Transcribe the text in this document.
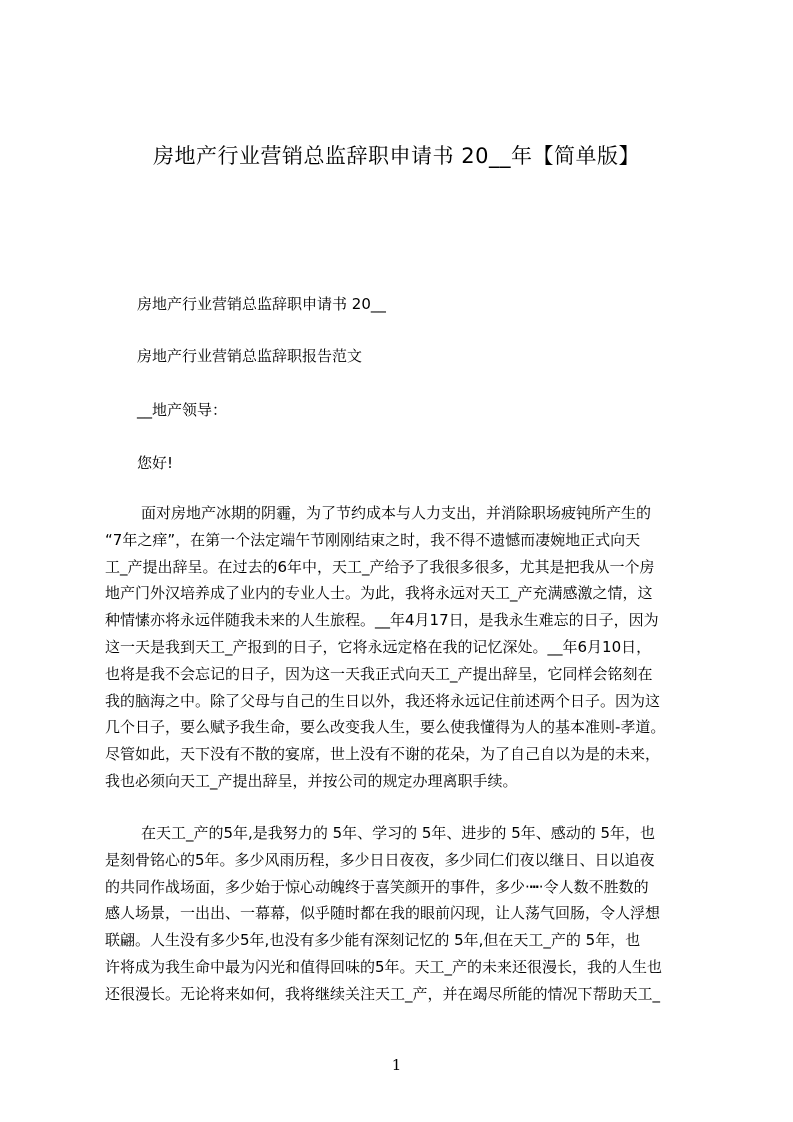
房地产行业营销总监辞职申请书 20__年【简单版】
房地产行业营销总监辞职申请书 20__
房地产行业营销总监辞职报告范文
__地产领导：
您好!

面对房地产冰期的阴霾，为了节约成本与人力支出，并消除职场疲钝所产生的

“7年之痒”，在第一个法定端午节刚刚结束之时，我不得不遗憾而凄婉地正式向天

工_产提出辞呈。在过去的6年中，天工_产给予了我很多很多，尤其是把我从一个房

地产门外汉培养成了业内的专业人士。为此，我将永远对天工_产充满感激之情，这

种情愫亦将永远伴随我未来的人生旅程。__年4月17日，是我永生难忘的日子，因为

这一天是我到天工_产报到的日子，它将永远定格在我的记忆深处。__年6月10日，

也将是我不会忘记的日子，因为这一天我正式向天工_产提出辞呈，它同样会铭刻在

我的脑海之中。除了父母与自己的生日以外，我还将永远记住前述两个日子。因为这

几个日子，要么赋予我生命，要么改变我人生，要么使我懂得为人的基本准则-孝道。

尽管如此，天下没有不散的宴席，世上没有不谢的花朵，为了自己自以为是的未来，

我也必须向天工_产提出辞呈，并按公司的规定办理离职手续。

在天工_产的5年,是我努力的 5年、学习的 5年、进步的 5年、感动的 5年，也

是刻骨铭心的5年。多少风雨历程，多少日日夜夜，多少同仁们夜以继日、日以追夜

的共同作战场面，多少始于惊心动魄终于喜笑颜开的事件，多少·┅·令人数不胜数的

感人场景，一出出、一幕幕，似乎随时都在我的眼前闪现，让人荡气回肠，令人浮想

联翩。人生没有多少5年,也没有多少能有深刻记忆的 5年,但在天工_产的 5年，也

许将成为我生命中最为闪光和值得回味的5年。天工_产的未来还很漫长，我的人生也

还很漫长。无论将来如何，我将继续关注天工_产，并在竭尽所能的情况下帮助天工_

1
